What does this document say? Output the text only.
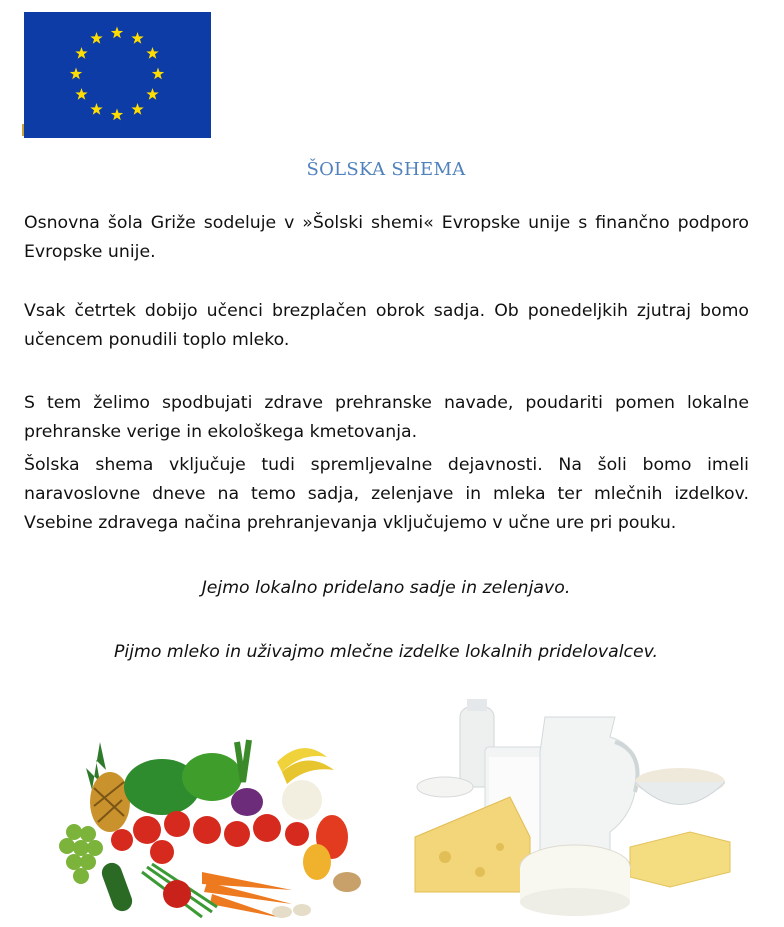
ŠOLSKA SHEMA

Osnovna šola Griže sodeluje v »Šolski shemi« Evropske unije s finančno podporo Evropske unije.

Vsak četrtek dobijo učenci brezplačen obrok sadja. Ob ponedeljkih zjutraj bomo učencem ponudili toplo mleko.

S tem želimo spodbujati zdrave prehranske navade, poudariti pomen lokalne prehranske verige in ekološkega kmetovanja.

Šolska shema vključuje tudi spremljevalne dejavnosti. Na šoli bomo imeli naravoslovne dneve na temo sadja, zelenjave in mleka ter mlečnih izdelkov. Vsebine zdravega načina prehranjevanja vključujemo v učne ure pri pouku.

Jejmo lokalno pridelano sadje in zelenjavo.

Pijmo mleko in uživajmo mlečne izdelke lokalnih pridelovalcev.
